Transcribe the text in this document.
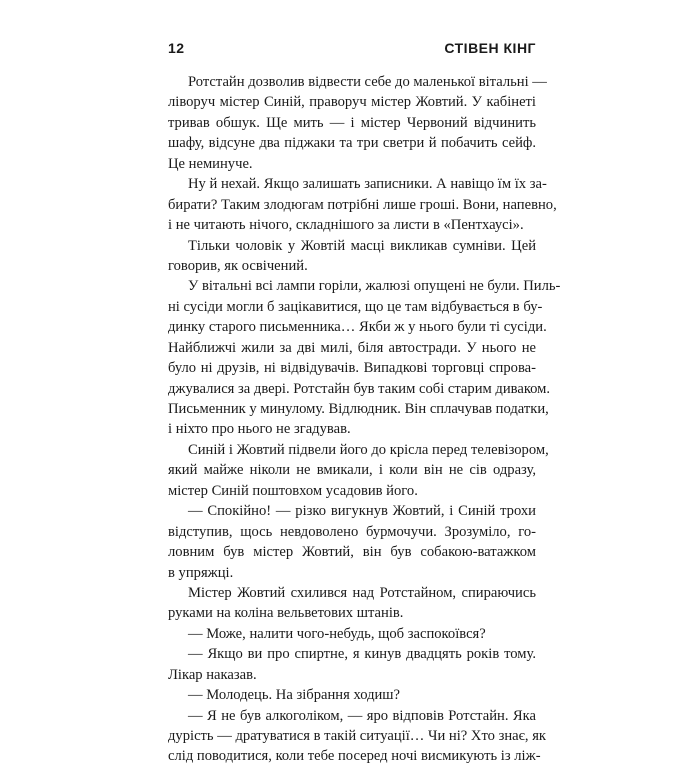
12	СТІВЕН КІНГ
Ротстайн дозволив відвести себе до маленької вітальні —
ліворуч містер Синій, праворуч містер Жовтий. У кабінеті
тривав обшук. Ще мить — і містер Червоний відчинить
шафу, відсуне два піджаки та три светри й побачить сейф.
Це неминуче.
Ну й нехай. Якщо залишать записники. А навіщо їм їх за-
бирати? Таким злодюгам потрібні лише гроші. Вони, напевно,
і не читають нічого, складнішого за листи в «Пентхаусі».
Тільки чоловік у Жовтій масці викликав сумніви. Цей
говорив, як освічений.
У вітальні всі лампи горіли, жалюзі опущені не були. Пиль-
ні сусіди могли б зацікавитися, що це там відбувається в бу-
динку старого письменника… Якби ж у нього були ті сусіди.
Найближчі жили за дві милі, біля автостради. У нього не
було ні друзів, ні відвідувачів. Випадкові торговці спрова-
джувалися за двері. Ротстайн був таким собі старим диваком.
Письменник у минулому. Відлюдник. Він сплачував податки,
і ніхто про нього не згадував.
Синій і Жовтий підвели його до крісла перед телевізором,
який майже ніколи не вмикали, і коли він не сів одразу,
містер Синій поштовхом усадовив його.
— Спокійно! — різко вигукнув Жовтий, і Синій трохи
відступив, щось невдоволено бурмочучи. Зрозуміло, го-
ловним був містер Жовтий, він був собакою-ватажком
в упряжці.
Містер Жовтий схилився над Ротстайном, спираючись
руками на коліна вельветових штанів.
— Може, налити чого-небудь, щоб заспокоївся?
— Якщо ви про спиртне, я кинув двадцять років тому.
Лікар наказав.
— Молодець. На зібрання ходиш?
— Я не був алкоголіком, — яро відповів Ротстайн. Яка
дурість — дратуватися в такій ситуації… Чи ні? Хто знає, як
слід поводитися, коли тебе посеред ночі висмикують із ліж-
